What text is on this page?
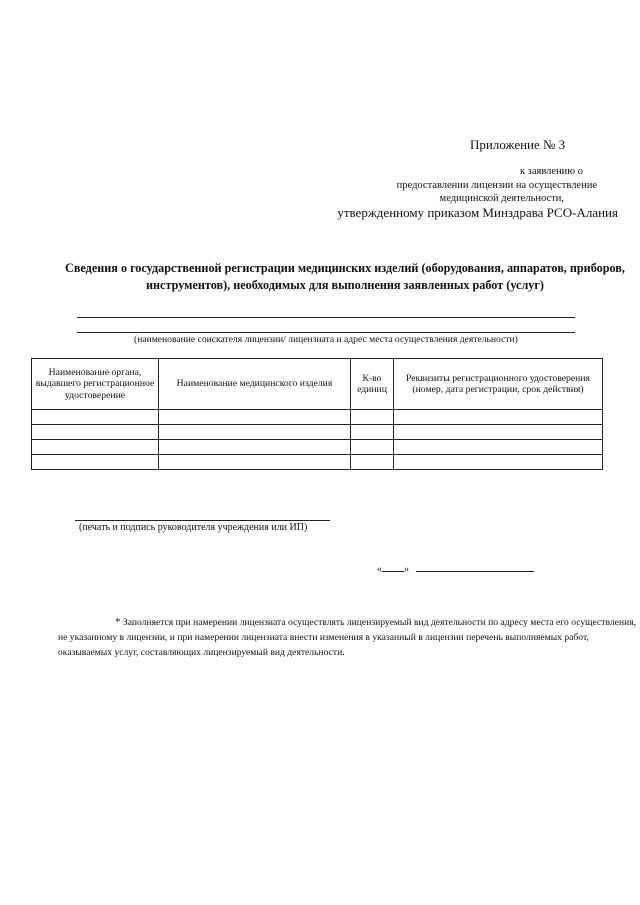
Приложение № 3
к заявлению о
предоставлении лицензии на осуществление
медицинской деятельности,
утвержденному приказом Минздрава РСО-Алания
Сведения о государственной регистрации медицинских изделий (оборудования, аппаратов, приборов, инструментов), необходимых для выполнения заявленных работ (услуг)
(наименование соискателя лицензии/ лицензиата и адрес места осуществления деятельности)
Наименование органа, выдавшего регистрационное удостоверение	Наименование медицинского изделия	К-во единиц	Реквизиты регистрационного удостоверения (номер, дата регистрации, срок действия)

(печать и подпись руководителя учреждения или ИП)
« »
* Заполняется при намерении лицензиата осуществлять лицензируемый вид деятельности по адресу места его осуществления, не указанному в лицензии, и при намерении лицензиата внести изменения в указанный в лицензии перечень выполняемых работ, оказываемых услуг, составляющих лицензируемый вид деятельности.
